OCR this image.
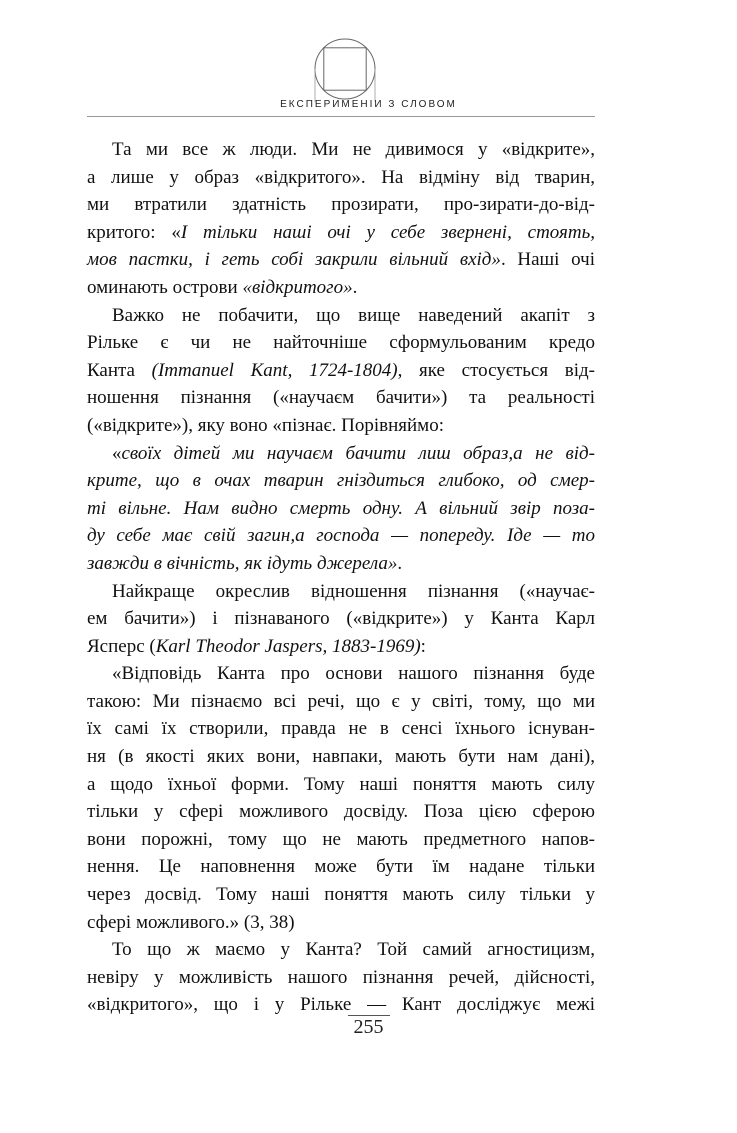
ЕКСПЕРИМЕНІИ З СЛОВОМ
Та ми все ж люди. Ми не дивимося у «відкрите»,
а лише у образ «відкритого». На відміну від тварин,
ми втратили здатність прозирати, про-зирати-до-від-
критого: «І тільки наші очі у себе звернені, стоять,
мов пастки, і геть собі закрили вільний вхід». Наші очі
оминають острови «відкритого».
Важко не побачити, що вище наведений акапіт з
Рільке є чи не найточніше сформульованим кредо
Канта (Immanuel Kant, 1724-1804), яке стосується від-
ношення пізнання («научаєм бачити») та реальності
(«відкрите»), яку воно «пізнає. Порівняймо:
«своїх дітей ми научаєм бачити лиш образ,а не від-
крите, що в очах тварин гніздиться глибоко, од смер-
ті вільне. Нам видно смерть одну. А вільний звір поза-
ду себе має свій загин,а господа — попереду. Іде — то
завжди в вічність, як ідуть джерела».
Найкраще окреслив відношення пізнання («научає-
ем бачити») і пізнаваного («відкрите») у Канта Карл
Ясперс (Karl Theodor Jaspers, 1883-1969):
«Відповідь Канта про основи нашого пізнання буде
такою: Ми пізнаємо всі речі, що є у світі, тому, що ми
їх самі їх створили, правда не в сенсі їхнього існуван-
ня (в якості яких вони, навпаки, мають бути нам дані),
а щодо їхньої форми. Тому наші поняття мають силу
тільки у сфері можливого досвіду. Поза цією сферою
вони порожні, тому що не мають предметного напов-
нення. Це наповнення може бути їм надане тільки
через досвід. Тому наші поняття мають силу тільки у
сфері можливого.» (3, 38)
То що ж маємо у Канта? Той самий агностицизм,
невіру у можливість нашого пізнання речей, дійсності,
«відкритого», що і у Рільке — Кант досліджує межі
255
